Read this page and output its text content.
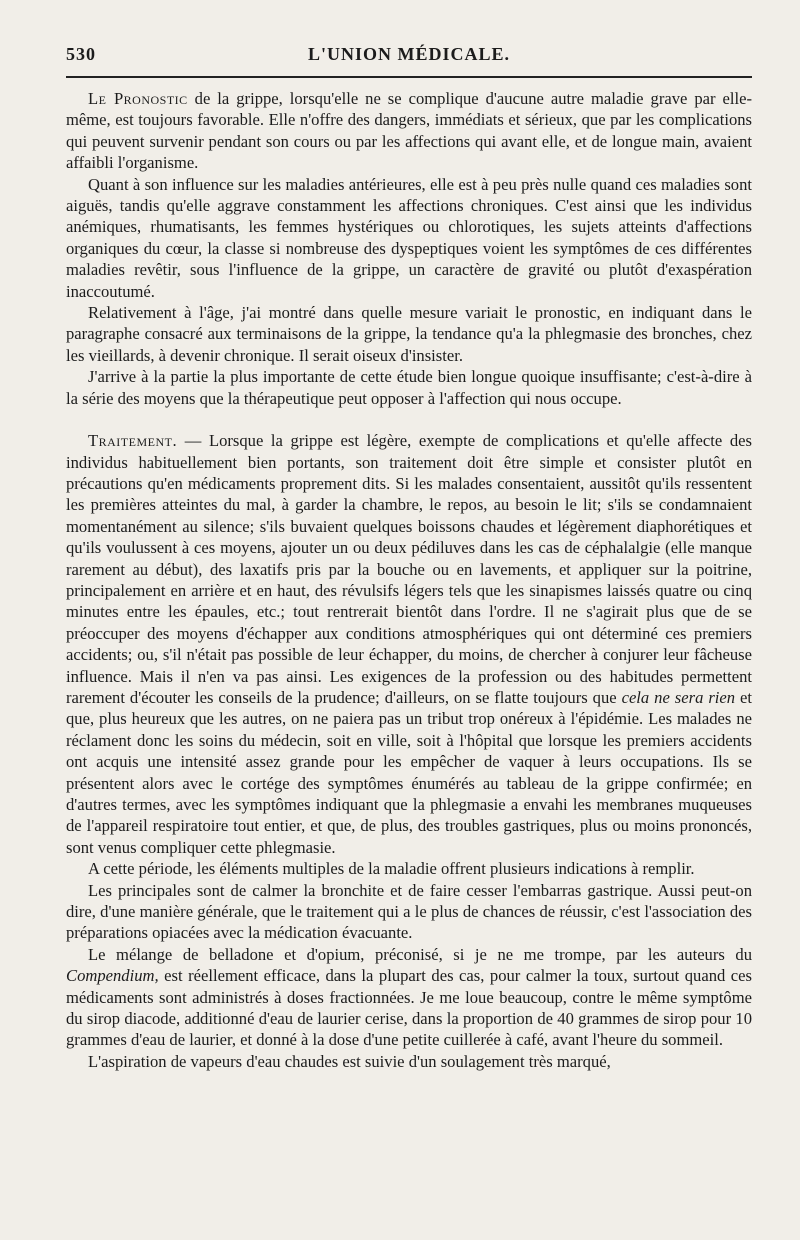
L'UNION MÉDICALE.
530

Le Pronostic de la grippe, lorsqu'elle ne se complique d'aucune autre maladie grave par elle-même, est toujours favorable. Elle n'offre des dangers, immédiats et sérieux, que par les complications qui peuvent survenir pendant son cours ou par les affections qui avant elle, et de longue main, avaient affaibli l'organisme.

Quant à son influence sur les maladies antérieures, elle est à peu près nulle quand ces maladies sont aiguës, tandis qu'elle aggrave constamment les affections chroniques. C'est ainsi que les individus anémiques, rhumatisants, les femmes hystériques ou chlorotiques, les sujets atteints d'affections organiques du cœur, la classe si nombreuse des dyspeptiques voient les symptômes de ces différentes maladies revêtir, sous l'influence de la grippe, un caractère de gravité ou plutôt d'exaspération inaccoutumé.

Relativement à l'âge, j'ai montré dans quelle mesure variait le pronostic, en indiquant dans le paragraphe consacré aux terminaisons de la grippe, la tendance qu'a la phlegmasie des bronches, chez les vieillards, à devenir chronique. Il serait oiseux d'insister.

J'arrive à la partie la plus importante de cette étude bien longue quoique insuffisante; c'est-à-dire à la série des moyens que la thérapeutique peut opposer à l'affection qui nous occupe.

Traitement. — Lorsque la grippe est légère, exempte de complications et qu'elle affecte des individus habituellement bien portants, son traitement doit être simple et consister plutôt en précautions qu'en médicaments proprement dits. Si les malades consentaient, aussitôt qu'ils ressentent les premières atteintes du mal, à garder la chambre, le repos, au besoin le lit; s'ils se condamnaient momentanément au silence; s'ils buvaient quelques boissons chaudes et légèrement diaphorétiques et qu'ils voulussent à ces moyens, ajouter un ou deux pédiluves dans les cas de céphalalgie (elle manque rarement au début), des laxatifs pris par la bouche ou en lavements, et appliquer sur la poitrine, principalement en arrière et en haut, des révulsifs légers tels que les sinapismes laissés quatre ou cinq minutes entre les épaules, etc.; tout rentrerait bientôt dans l'ordre. Il ne s'agirait plus que de se préoccuper des moyens d'échapper aux conditions atmosphériques qui ont déterminé ces premiers accidents; ou, s'il n'était pas possible de leur échapper, du moins, de chercher à conjurer leur fâcheuse influence. Mais il n'en va pas ainsi. Les exigences de la profession ou des habitudes permettent rarement d'écouter les conseils de la prudence; d'ailleurs, on se flatte toujours que cela ne sera rien et que, plus heureux que les autres, on ne paiera pas un tribut trop onéreux à l'épidémie. Les malades ne réclament donc les soins du médecin, soit en ville, soit à l'hôpital que lorsque les premiers accidents ont acquis une intensité assez grande pour les empêcher de vaquer à leurs occupations. Ils se présentent alors avec le cortége des symptômes énumérés au tableau de la grippe confirmée; en d'autres termes, avec les symptômes indiquant que la phlegmasie a envahi les membranes muqueuses de l'appareil respiratoire tout entier, et que, de plus, des troubles gastriques, plus ou moins prononcés, sont venus compliquer cette phlegmasie.

A cette période, les éléments multiples de la maladie offrent plusieurs indications à remplir.

Les principales sont de calmer la bronchite et de faire cesser l'embarras gastrique. Aussi peut-on dire, d'une manière générale, que le traitement qui a le plus de chances de réussir, c'est l'association des préparations opiacées avec la médication évacuante.

Le mélange de belladone et d'opium, préconisé, si je ne me trompe, par les auteurs du Compendium, est réellement efficace, dans la plupart des cas, pour calmer la toux, surtout quand ces médicaments sont administrés à doses fractionnées. Je me loue beaucoup, contre le même symptôme du sirop diacode, additionné d'eau de laurier cerise, dans la proportion de 40 grammes de sirop pour 10 grammes d'eau de laurier, et donné à la dose d'une petite cuillerée à café, avant l'heure du sommeil.

L'aspiration de vapeurs d'eau chaudes est suivie d'un soulagement très marqué,
